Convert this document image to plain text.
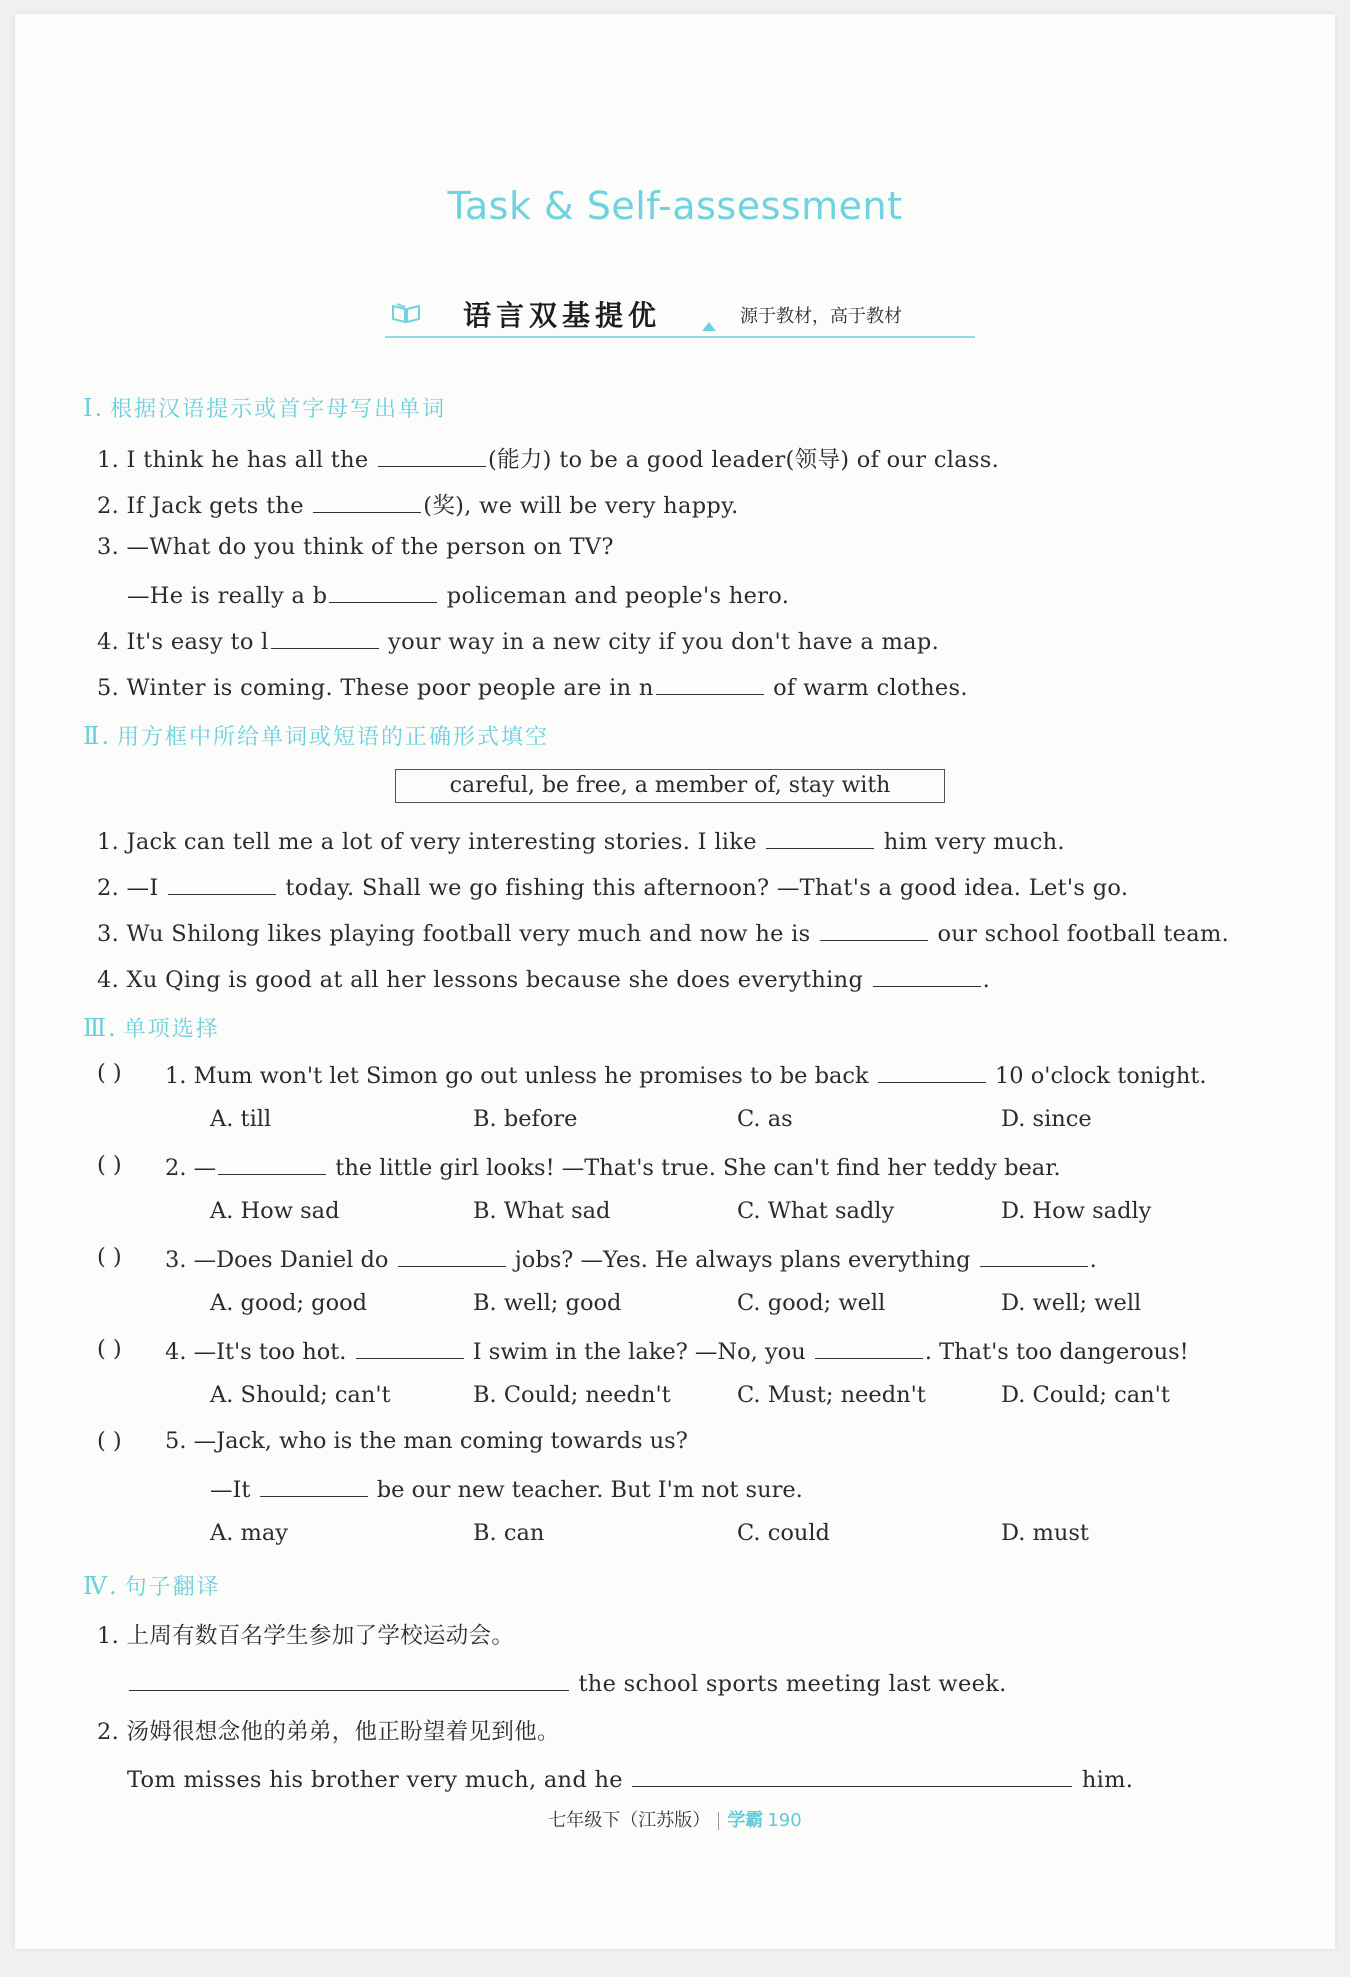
Task & Self-assessment
语言双基提优	源于教材，高于教材
Ⅰ. 根据汉语提示或首字母写出单词
1. I think he has all the	(能力) to be a good leader(领导) of our class.
2. If Jack gets the	(奖), we will be very happy.
3. —What do you think of the person on TV?
—He is really a b	policeman and people's hero.
4. It's easy to l	your way in a new city if you don't have a map.
5. Winter is coming. These poor people are in n	of warm clothes.
Ⅱ. 用方框中所给单词或短语的正确形式填空
careful, be free, a member of, stay with
1. Jack can tell me a lot of very interesting stories. I like	him very much.
2. —I	today. Shall we go fishing this afternoon? —That's a good idea. Let's go.
3. Wu Shilong likes playing football very much and now he is	our school football team.
4. Xu Qing is good at all her lessons because she does everything	.
Ⅲ. 单项选择
( ) 1. Mum won't let Simon go out unless he promises to be back	10 o'clock tonight.
A. till	B. before	C. as	D. since
( ) 2. —	the little girl looks! —That's true. She can't find her teddy bear.
A. How sad	B. What sad	C. What sadly	D. How sadly
( ) 3. —Does Daniel do	jobs? —Yes. He always plans everything	.
A. good; good	B. well; good	C. good; well	D. well; well
( ) 4. —It's too hot.	I swim in the lake? —No, you	. That's too dangerous!
A. Should; can't	B. Could; needn't	C. Must; needn't	D. Could; can't
( ) 5. —Jack, who is the man coming towards us?
—It	be our new teacher. But I'm not sure.
A. may	B. can	C. could	D. must
Ⅳ. 句子翻译
1. 上周有数百名学生参加了学校运动会。
the school sports meeting last week.
2. 汤姆很想念他的弟弟，他正盼望着见到他。
Tom misses his brother very much, and he	him.
七年级下（江苏版） 学霸 190
